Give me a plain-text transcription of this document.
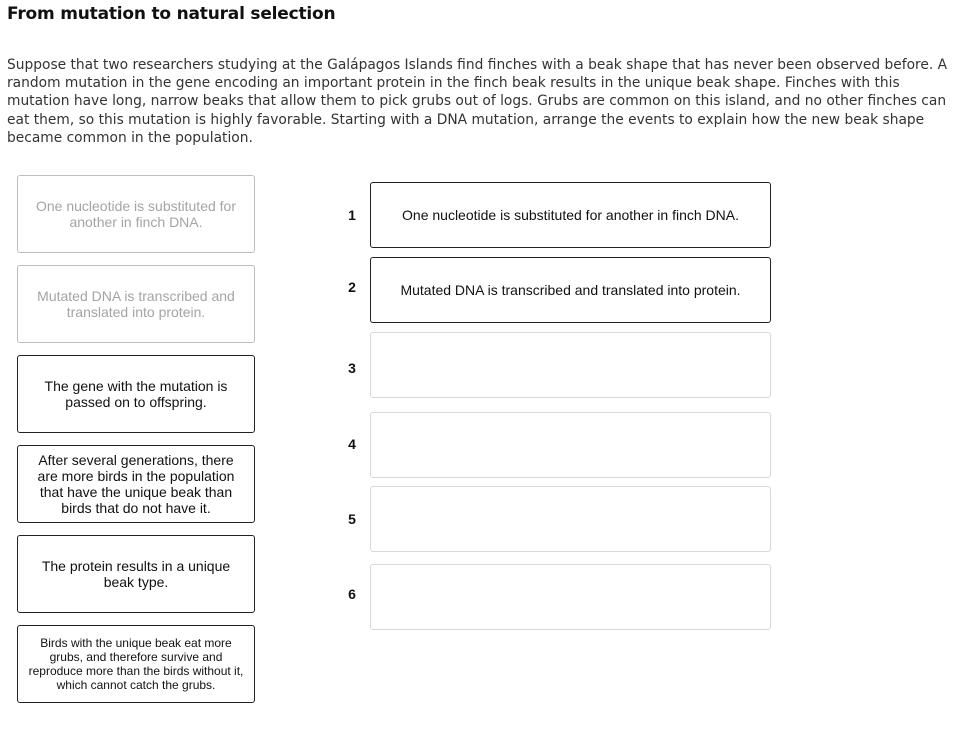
From mutation to natural selection
Suppose that two researchers studying at the Galápagos Islands find finches with a beak shape that has never been observed before. A random mutation in the gene encoding an important protein in the finch beak results in the unique beak shape. Finches with this mutation have long, narrow beaks that allow them to pick grubs out of logs. Grubs are common on this island, and no other finches can eat them, so this mutation is highly favorable. Starting with a DNA mutation, arrange the events to explain how the new beak shape became common in the population.
One nucleotide is substituted for another in finch DNA.
Mutated DNA is transcribed and translated into protein.
The gene with the mutation is passed on to offspring.
After several generations, there are more birds in the population that have the unique beak than birds that do not have it.
The protein results in a unique beak type.
Birds with the unique beak eat more grubs, and therefore survive and reproduce more than the birds without it, which cannot catch the grubs.
1	One nucleotide is substituted for another in finch DNA.
2	Mutated DNA is transcribed and translated into protein.
3
4
5
6
